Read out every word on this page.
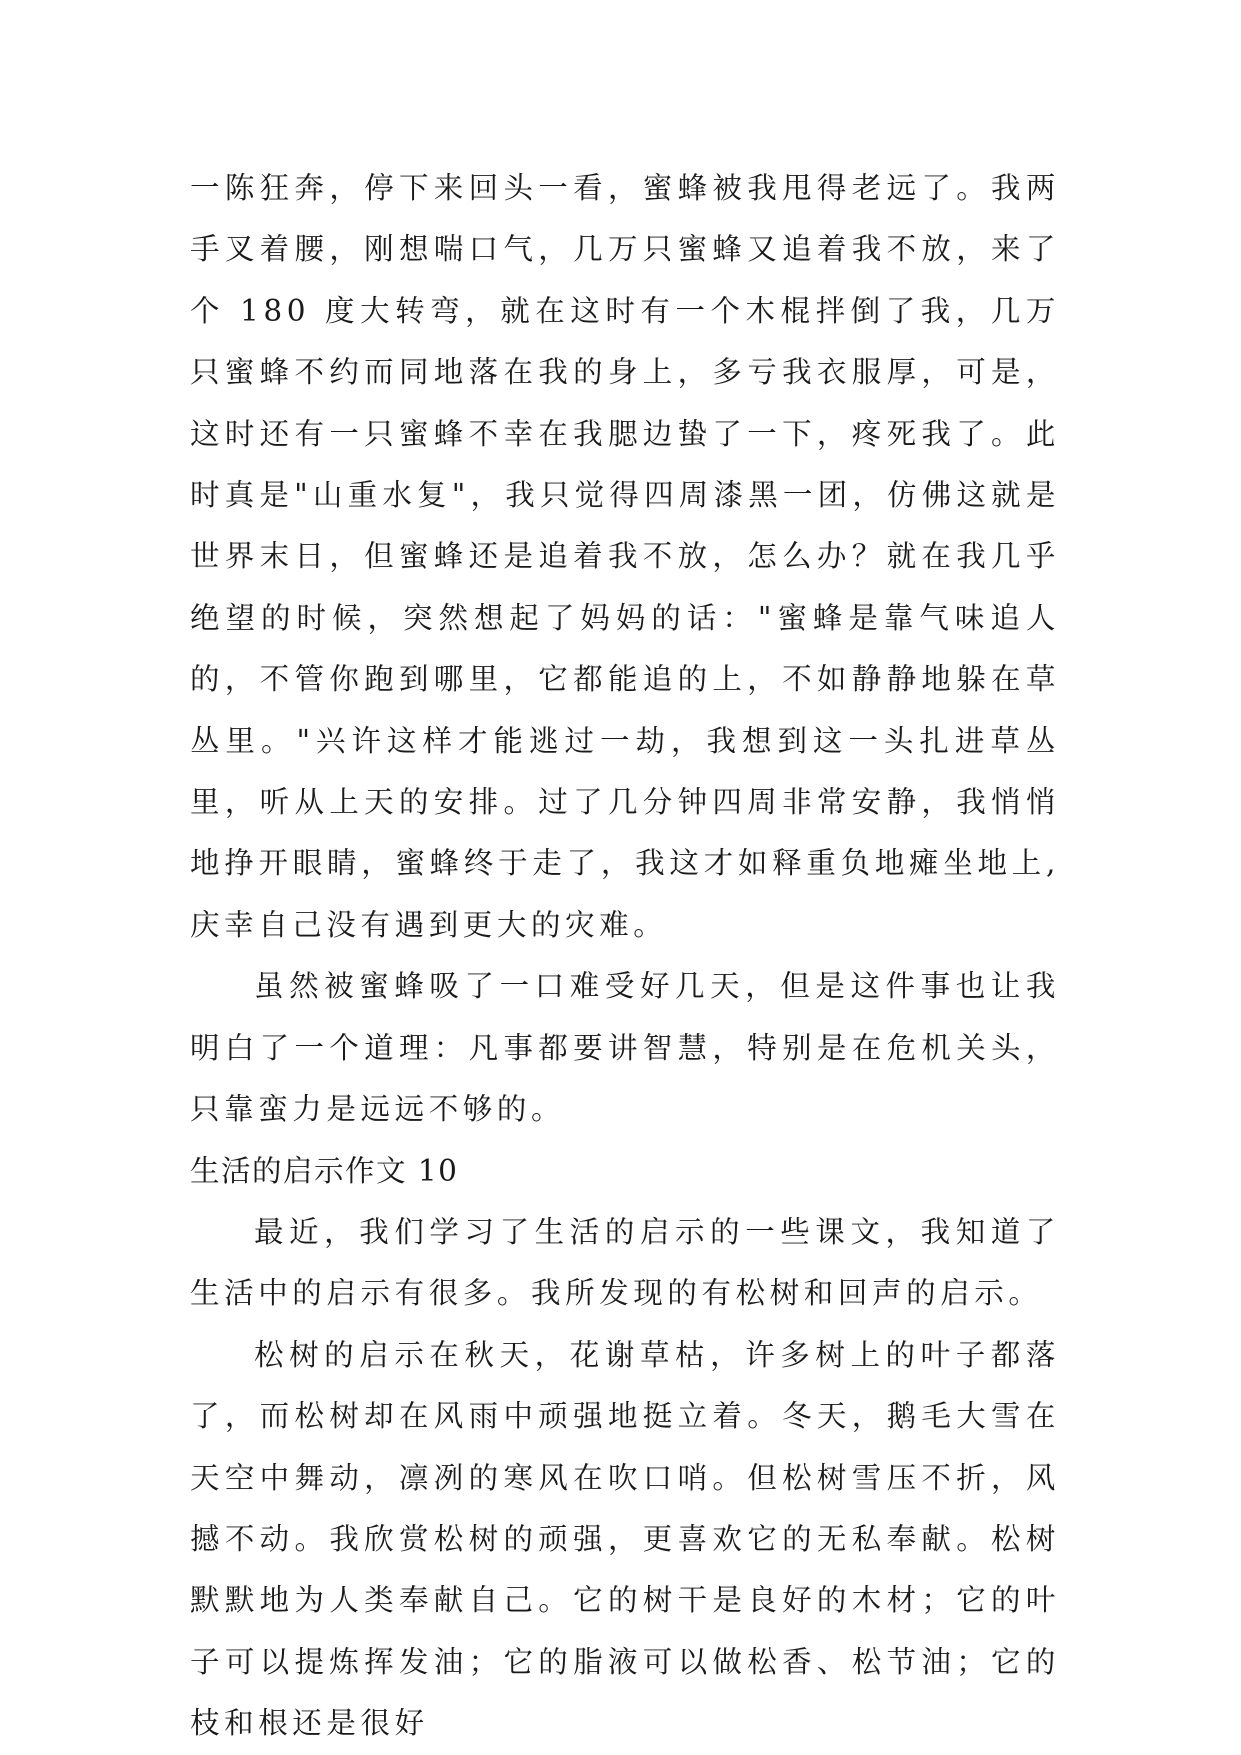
一陈狂奔，停下来回头一看，蜜蜂被我甩得老远了。我两手叉着腰，刚想喘口气，几万只蜜蜂又追着我不放，来了个 180 度大转弯，就在这时有一个木棍拌倒了我，几万只蜜蜂不约而同地落在我的身上，多亏我衣服厚，可是，这时还有一只蜜蜂不幸在我腮边蛰了一下，疼死我了。此时真是"山重水复"，我只觉得四周漆黑一团，仿佛这就是世界末日，但蜜蜂还是追着我不放，怎么办？就在我几乎绝望的时候，突然想起了妈妈的话："蜜蜂是靠气味追人的，不管你跑到哪里，它都能追的上，不如静静地躲在草丛里。"兴许这样才能逃过一劫，我想到这一头扎进草丛里，听从上天的安排。过了几分钟四周非常安静，我悄悄地挣开眼睛，蜜蜂终于走了，我这才如释重负地瘫坐地上,庆幸自己没有遇到更大的灾难。

虽然被蜜蜂吸了一口难受好几天，但是这件事也让我明白了一个道理：凡事都要讲智慧，特别是在危机关头，只靠蛮力是远远不够的。

生活的启示作文 10

最近，我们学习了生活的启示的一些课文，我知道了生活中的启示有很多。我所发现的有松树和回声的启示。

松树的启示在秋天，花谢草枯，许多树上的叶子都落了，而松树却在风雨中顽强地挺立着。冬天，鹅毛大雪在天空中舞动，凛冽的寒风在吹口哨。但松树雪压不折，风撼不动。我欣赏松树的顽强，更喜欢它的无私奉献。松树默默地为人类奉献自己。它的树干是良好的木材；它的叶子可以提炼挥发油；它的脂液可以做松香、松节油；它的枝和根还是很好
